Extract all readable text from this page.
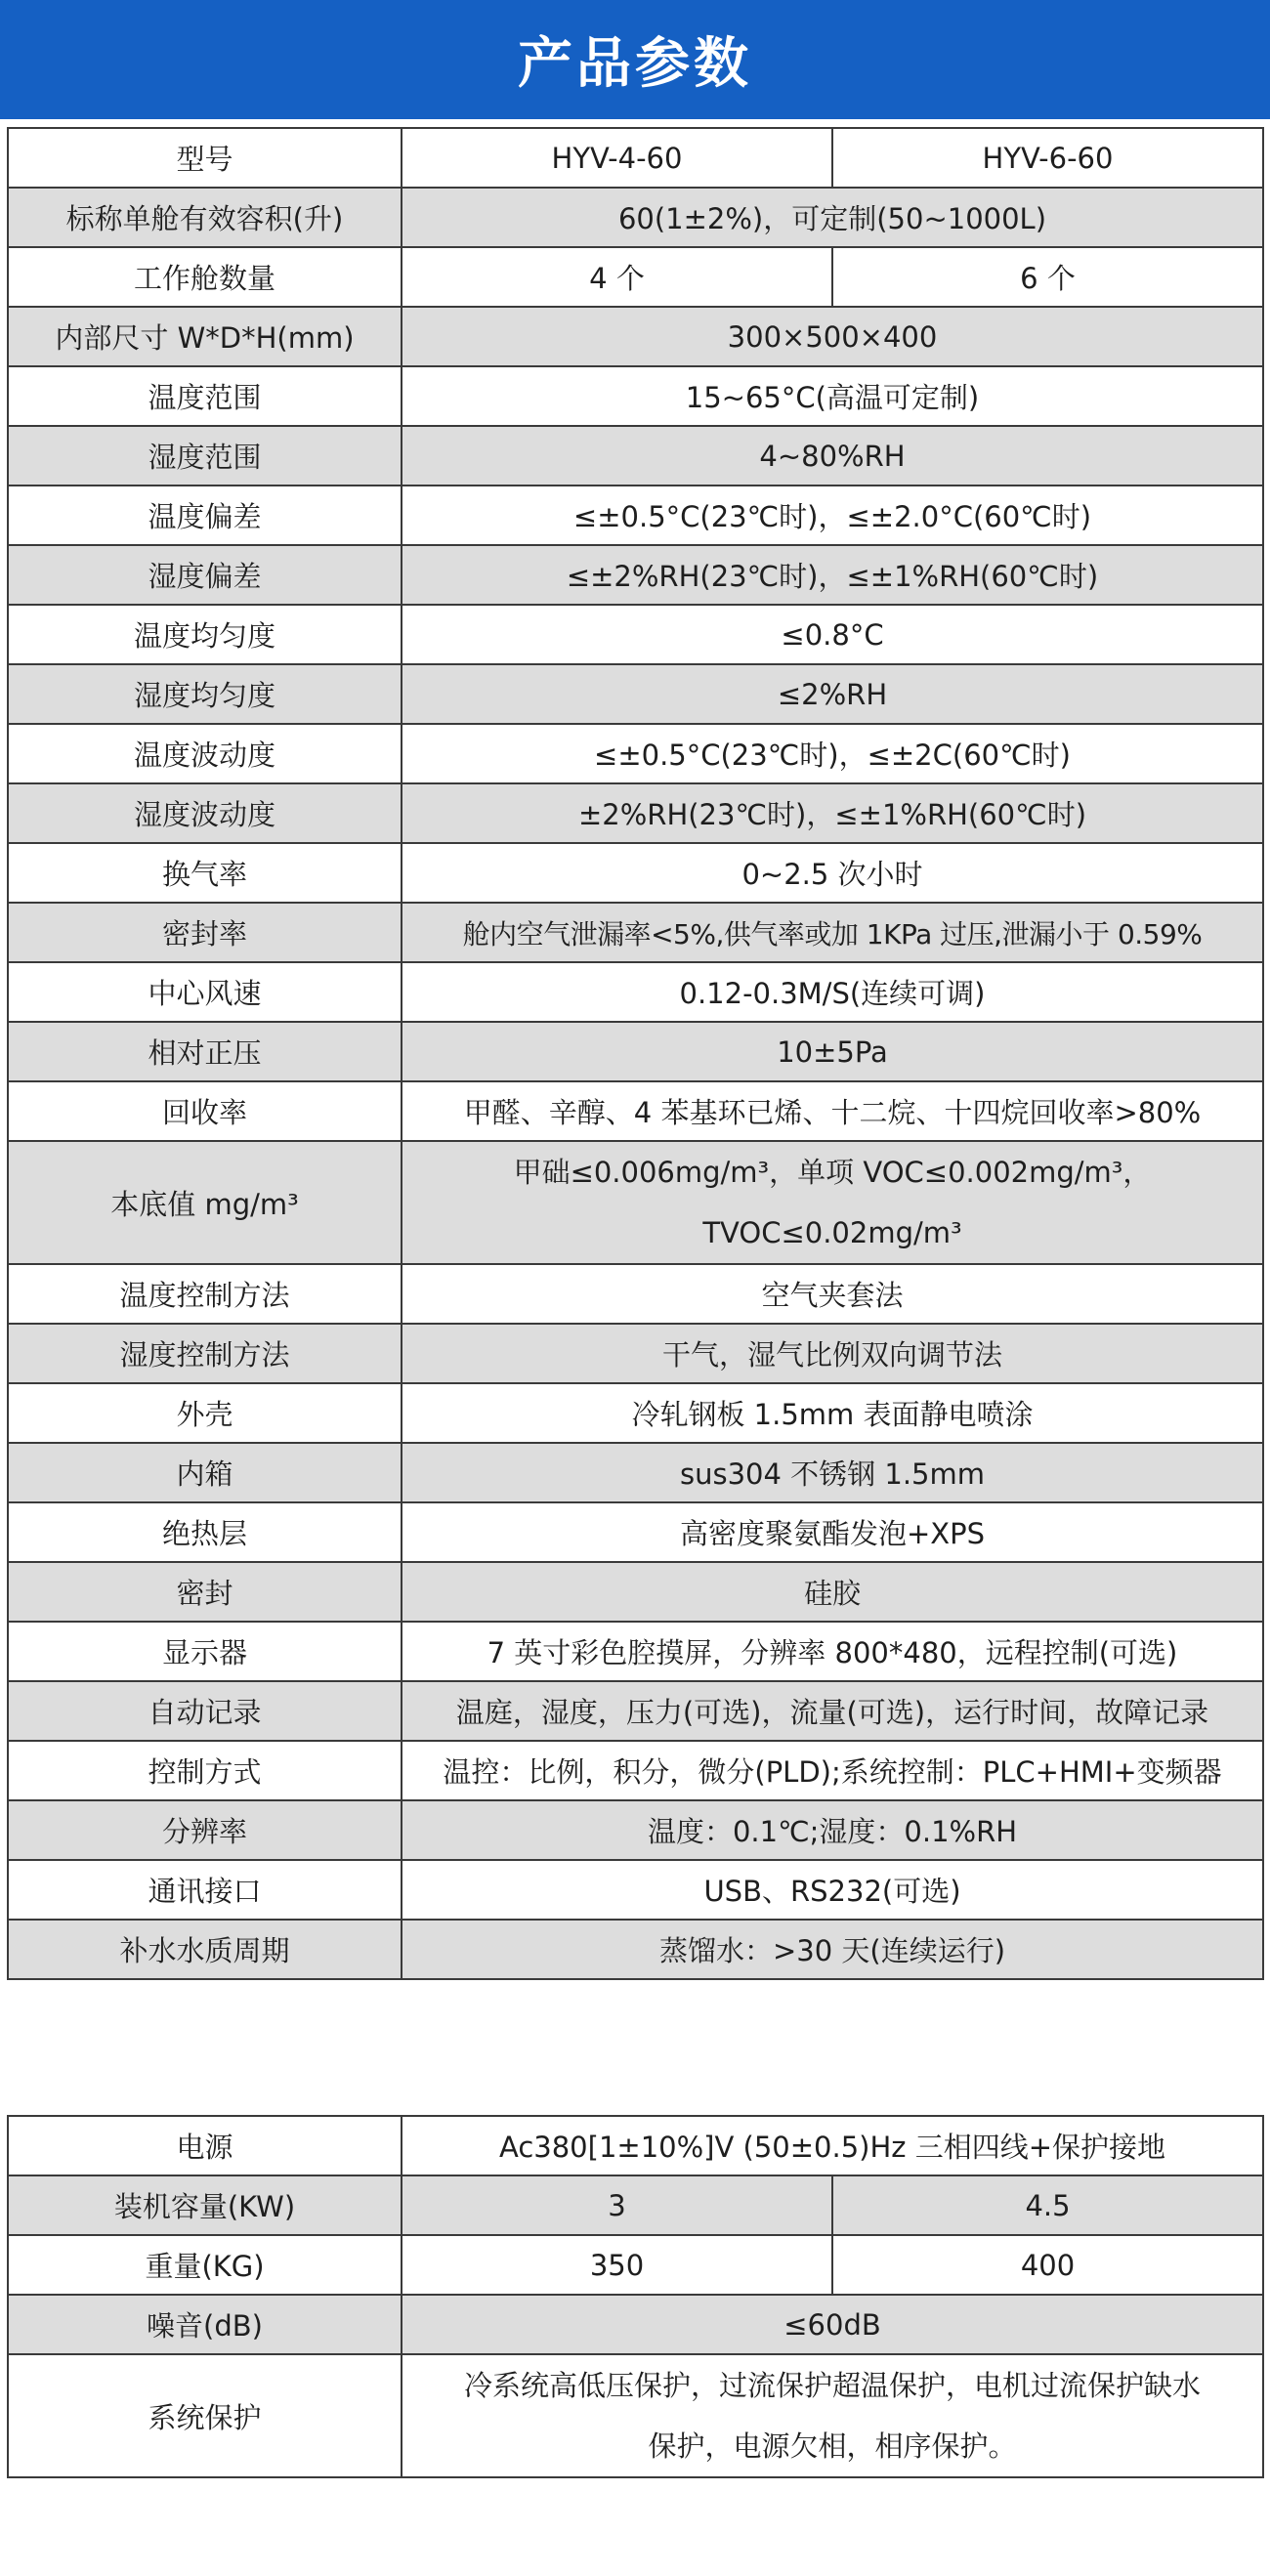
产品参数
型号	HYV-4-60	HYV-6-60
标称单舱有效容积(升)	60(1±2%)，可定制(50~1000L)	
工作舱数量	4 个	6 个
内部尺寸 W*D*H(mm)	300×500×400	
温度范围	15~65°C(高温可定制)	
湿度范围	4~80%RH	
温度偏差	≤±0.5°C(23℃时)，≤±2.0°C(60℃时)	
湿度偏差	≤±2%RH(23℃时)，≤±1%RH(60℃时)	
温度均匀度	≤0.8°C	
湿度均匀度	≤2%RH	
温度波动度	≤±0.5°C(23℃时)，≤±2C(60℃时)	
湿度波动度	±2%RH(23℃时)，≤±1%RH(60℃时)	
换气率	0~2.5 次小时	
密封率	舱内空气泄漏率<5%,供气率或加 1KPa 过压,泄漏小于 0.59%	
中心风速	0.12-0.3M/S(连续可调)	
相对正压	10±5Pa	
回收率	甲醛、辛醇、4 苯基环已烯、十二烷、十四烷回收率>80%	
本底值 mg/m³	甲础≤0.006mg/m³，单项 VOC≤0.002mg/m³，
TVOC≤0.02mg/m³	

温度控制方法	空气夹套法	
湿度控制方法	干气，湿气比例双向调节法	
外壳	冷轧钢板 1.5mm 表面静电喷涂	
内箱	sus304 不锈钢 1.5mm	
绝热层	高密度聚氨酯发泡+XPS	
密封	硅胶	
显示器	7 英寸彩色腔摸屏，分辨率 800*480，远程控制(可选)	
自动记录	温庭，湿度，压力(可选)，流量(可选)，运行时间，故障记录	
控制方式	温控：比例，积分，微分(PLD);系统控制：PLC+HMI+变频器	
分辨率	温度：0.1℃;湿度：0.1%RH	
通讯接口	USB、RS232(可选)	
补水水质周期	蒸馏水：>30 天(连续运行)	
电源	Ac380[1±10%]V (50±0.5)Hz 三相四线+保护接地	
装机容量(KW)	3	4.5
重量(KG)	350	400
噪音(dB)	≤60dB	
系统保护	冷系统高低压保护，过流保护超温保护，电机过流保护缺水
保护，电源欠相，相序保护。	
